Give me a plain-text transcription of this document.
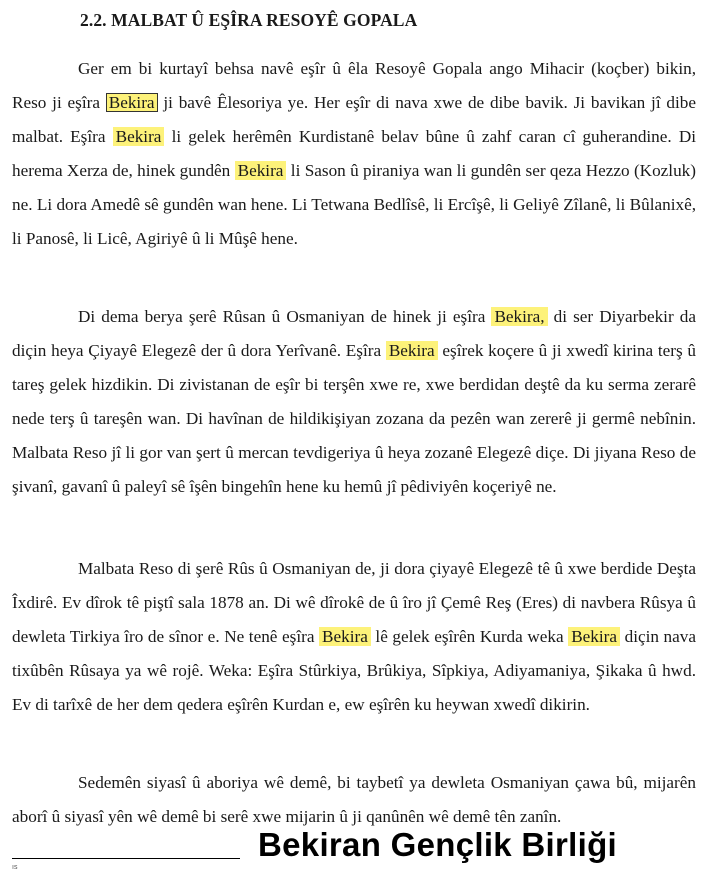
2.2. MALBAT Û EŞÎRA RESOYÊ GOPALA

Ger em bi kurtayî behsa navê eşîr û êla Resoyê Gopala ango Mihacir (koçber) bikin, Reso ji eşîra Bekira ji bavê Êlesoriya ye. Her eşîr di nava xwe de dibe bavik. Ji bavikan jî dibe malbat. Eşîra Bekira li gelek herêmên Kurdistanê belav bûne û zahf caran cî guherandine. Di herema Xerza de, hinek gundên Bekira li Sason û piraniya wan li gundên ser qeza Hezzo (Kozluk) ne. Li dora Amedê sê gundên wan hene. Li Tetwana Bedlîsê, li Ercîşê, li Geliyê Zîlanê, li Bûlanixê, li Panosê, li Licê, Agiriyê û li Mûşê hene.

Di dema berya şerê Rûsan û Osmaniyan de hinek ji eşîra Bekira, di ser Diyarbekir da diçin heya Çiyayê Elegezê der û dora Yerîvanê. Eşîra Bekira eşîrek koçere û ji xwedî kirina terş û tareş gelek hizdikin. Di zivistanan de eşîr bi terşên xwe re, xwe berdidan deştê da ku serma zerarê nede terş û tareşên wan. Di havînan de hildikişiyan zozana da pezên wan zererê ji germê nebînin. Malbata Reso jî li gor van şert û mercan tevdigeriya û heya zozanê Elegezê diçe. Di jiyana Reso de şivanî, gavanî û paleyî sê îşên bingehîn hene ku hemû jî pêdiviyên koçeriyê ne.

Malbata Reso di şerê Rûs û Osmaniyan de, ji dora çiyayê Elegezê tê û xwe berdide Deşta Îxdirê. Ev dîrok tê piştî sala 1878 an. Di wê dîrokê de û îro jî Çemê Reş (Eres) di navbera Rûsya û dewleta Tirkiya îro de sînor e. Ne tenê eşîra Bekira lê gelek eşîrên Kurda weka Bekira diçin nava tixûbên Rûsaya ya wê rojê. Weka: Eşîra Stûrkiya, Brûkiya, Sîpkiya, Adiyamaniya, Şikaka û hwd. Ev di tarîxê de her dem qedera eşîrên Kurdan e, ew eşîrên ku heywan xwedî dikirin.

Sedemên siyasî û aboriya wê demê, bi taybetî ya dewleta Osmaniyan çawa bû, mijarên aborî û siyasî yên wê demê bi serê xwe mijarin û ji qanûnên wê demê tên zanîn.

ıs
Bekiran Gençlik Birliği
